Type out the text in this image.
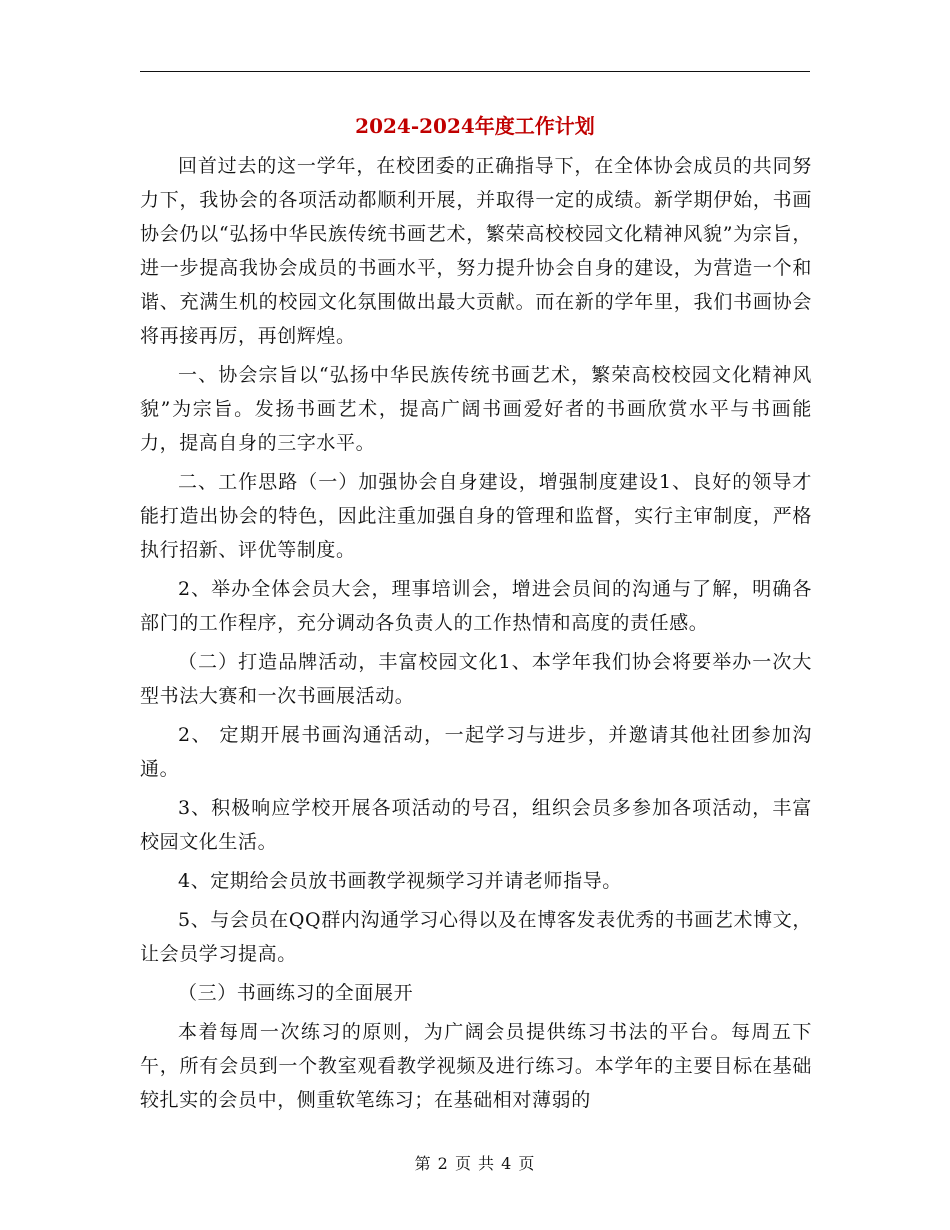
2024-2024年度工作计划

回首过去的这一学年，在校团委的正确指导下，在全体协会成员的共同努力下，我协会的各项活动都顺利开展，并取得一定的成绩。新学期伊始，书画协会仍以“弘扬中华民族传统书画艺术，繁荣高校校园文化精神风貌”为宗旨，进一步提高我协会成员的书画水平，努力提升协会自身的建设，为营造一个和谐、充满生机的校园文化氛围做出最大贡献。而在新的学年里，我们书画协会将再接再厉，再创辉煌。

一、协会宗旨以“弘扬中华民族传统书画艺术，繁荣高校校园文化精神风貌”为宗旨。发扬书画艺术，提高广阔书画爱好者的书画欣赏水平与书画能力，提高自身的三字水平。

二、工作思路（一）加强协会自身建设，增强制度建设1、良好的领导才能打造出协会的特色，因此注重加强自身的管理和监督，实行主审制度，严格执行招新、评优等制度。

2、举办全体会员大会，理事培训会，增进会员间的沟通与了解，明确各部门的工作程序，充分调动各负责人的工作热情和高度的责任感。

（二）打造品牌活动，丰富校园文化1、本学年我们协会将要举办一次大型书法大赛和一次书画展活动。

2、 定期开展书画沟通活动，一起学习与进步，并邀请其他社团参加沟通。

3、积极响应学校开展各项活动的号召，组织会员多参加各项活动，丰富校园文化生活。

4、定期给会员放书画教学视频学习并请老师指导。

5、与会员在QQ群内沟通学习心得以及在博客发表优秀的书画艺术博文，让会员学习提高。

（三）书画练习的全面展开

本着每周一次练习的原则，为广阔会员提供练习书法的平台。每周五下午，所有会员到一个教室观看教学视频及进行练习。本学年的主要目标在基础较扎实的会员中，侧重软笔练习；在基础相对薄弱的

第 2 页 共 4 页
